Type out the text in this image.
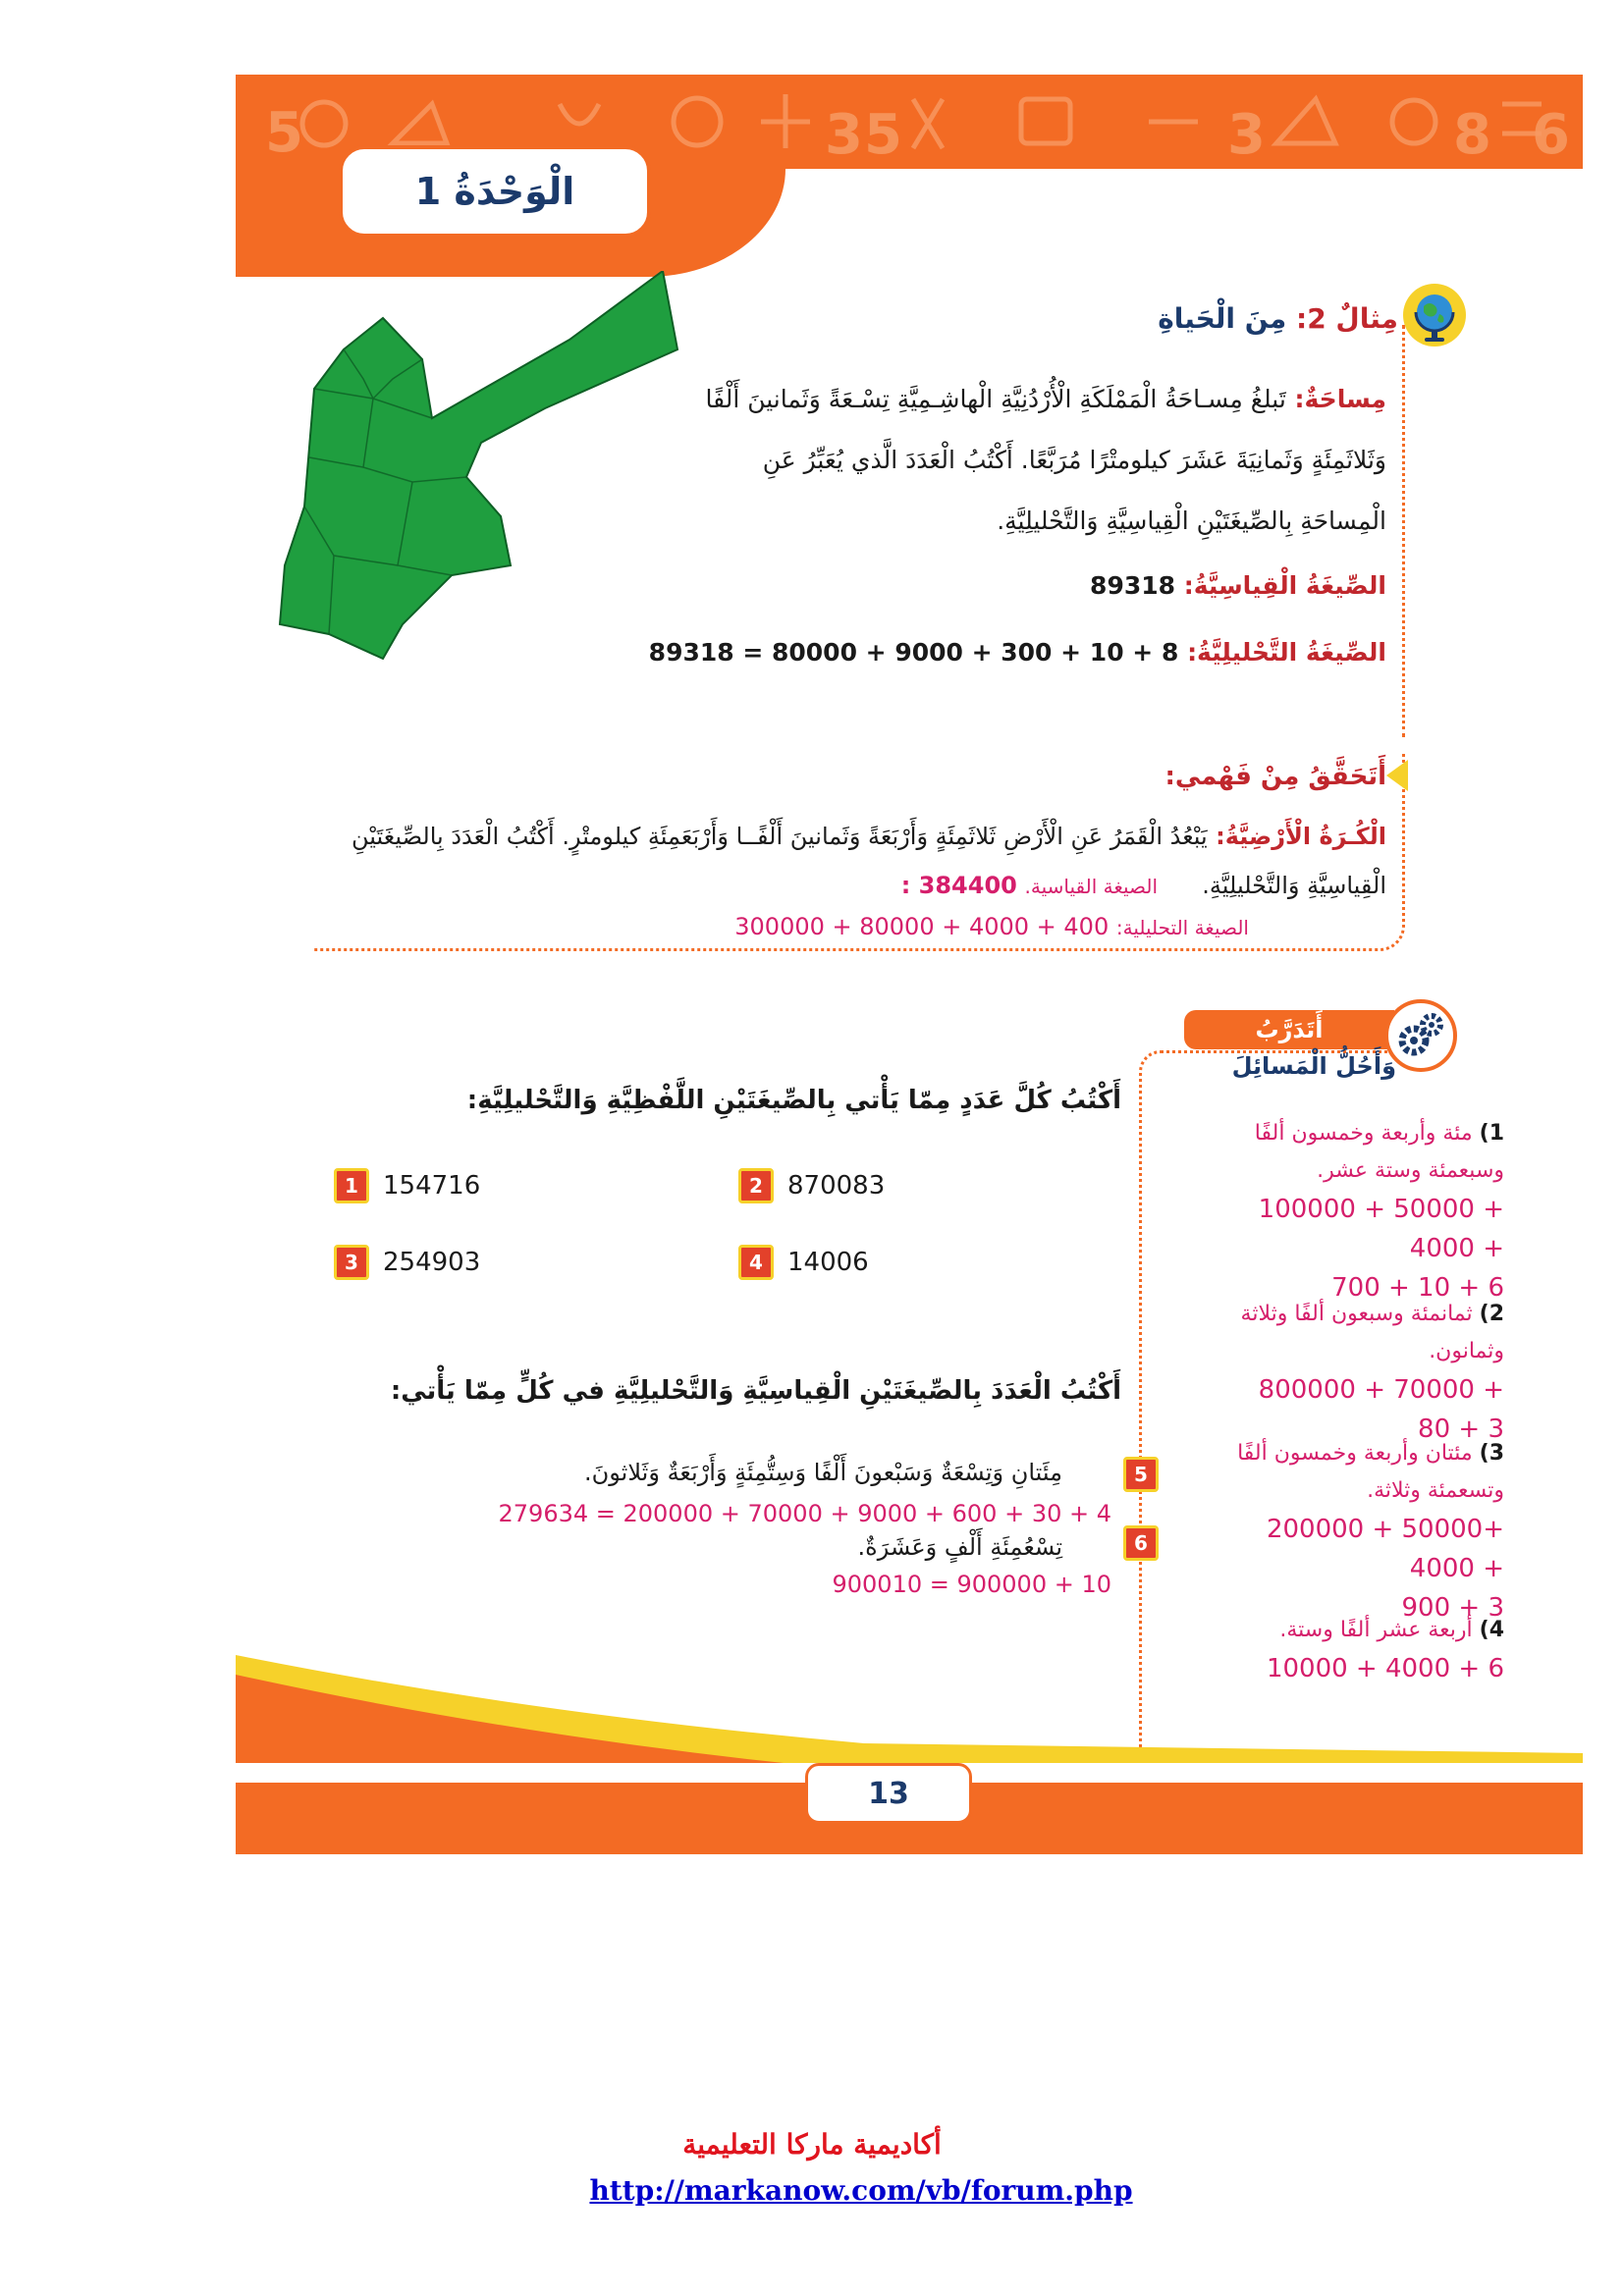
5	3 5	3	8 6
الْوَحْدَةُ 1
مِثالٌ 2: مِنَ الْحَياةِ
مِساحَةٌ: تَبلغُ مِسـاحَةُ الْمَمْلَكَةِ الْأُرْدُنِيَّةِ الْهاشِـمِيَّةِ تِسْـعَةً وَثَمانينَ أَلْفًا وَثَلاثَمِئَةٍ وَثَمانِيَةَ عَشَرَ كيلومتْرًا مُرَبَّعًا. أَكْتُبُ الْعَدَدَ الَّذي يُعَبِّرُ عَنِ الْمِساحَةِ بِالصِّيغَتَيْنِ الْقِياسِيَّةِ وَالتَّحْليلِيَّةِ.
الصِّيغَةُ الْقِياسِيَّةُ: 89318
الصِّيغَةُ التَّحْليلِيَّةُ: 89318 = 80000 + 9000 + 300 + 10 + 8
أَتَحَقَّقُ مِنْ فَهْمي:
الْكُـرَةُ الْأَرْضِيَّةُ: يَبْعُدُ الْقَمَرُ عَنِ الْأَرْضِ ثَلاثَمِئَةٍ وَأَرْبَعَةً وَثَمانينَ أَلْفًــا وَأَرْبَعَمِئَةِ كيلومتْرٍ. أَكْتُبُ الْعَدَدَ بِالصِّيغَتَيْنِ
الْقِياسِيَّةِ وَالتَّحْليلِيَّةِ.  الصيغة القياسية. 384400 :
الصيغة التحليلية: 300000 + 80000 + 4000 + 400
أَتَدَرَّبُ
وَأَحُلُّ الْمَسائِلَ
أَكْتُبُ كُلَّ عَدَدٍ مِمّا يَأْتي بِالصِّيغَتَيْنِ اللَّفْظِيَّةِ وَالتَّحْليلِيَّةِ:
1 154716	2 870083
3 254903	4 14006
أَكْتُبُ الْعَدَدَ بِالصِّيغَتَيْنِ الْقِياسِيَّةِ وَالتَّحْليلِيَّةِ في كُلٍّ مِمّا يَأْتي:
5
مِئَتانِ وَتِسْعَةٌ وَسَبْعونَ أَلْفًا وَسِتُّمِئَةٍ وَأَرْبَعَةٌ وَثَلاثونَ.
279634 = 200000 + 70000 + 9000 + 600 + 30 + 4
6
تِسْعُمِئَةِ أَلْفٍ وَعَشَرَةٌ.
900010 = 900000 + 10
1) مئة وأربعة وخمسون ألفًا
وسبعمئة وستة عشر.
100000 + 50000 + 4000 +
700 + 10 + 6
2) ثمانمئة وسبعون ألفًا وثلاثة
وثمانون.
800000 + 70000 + 80 + 3
3) مئتان وأربعة وخمسون ألفًا
وتسعمئة وثلاثة.
200000 + 50000+ 4000 +
900 + 3
4) أربعة عشر ألفًا وستة.
10000 + 4000 + 6
13
أكاديمية ماركا التعليمية
http://markanow.com/vb/forum.php
